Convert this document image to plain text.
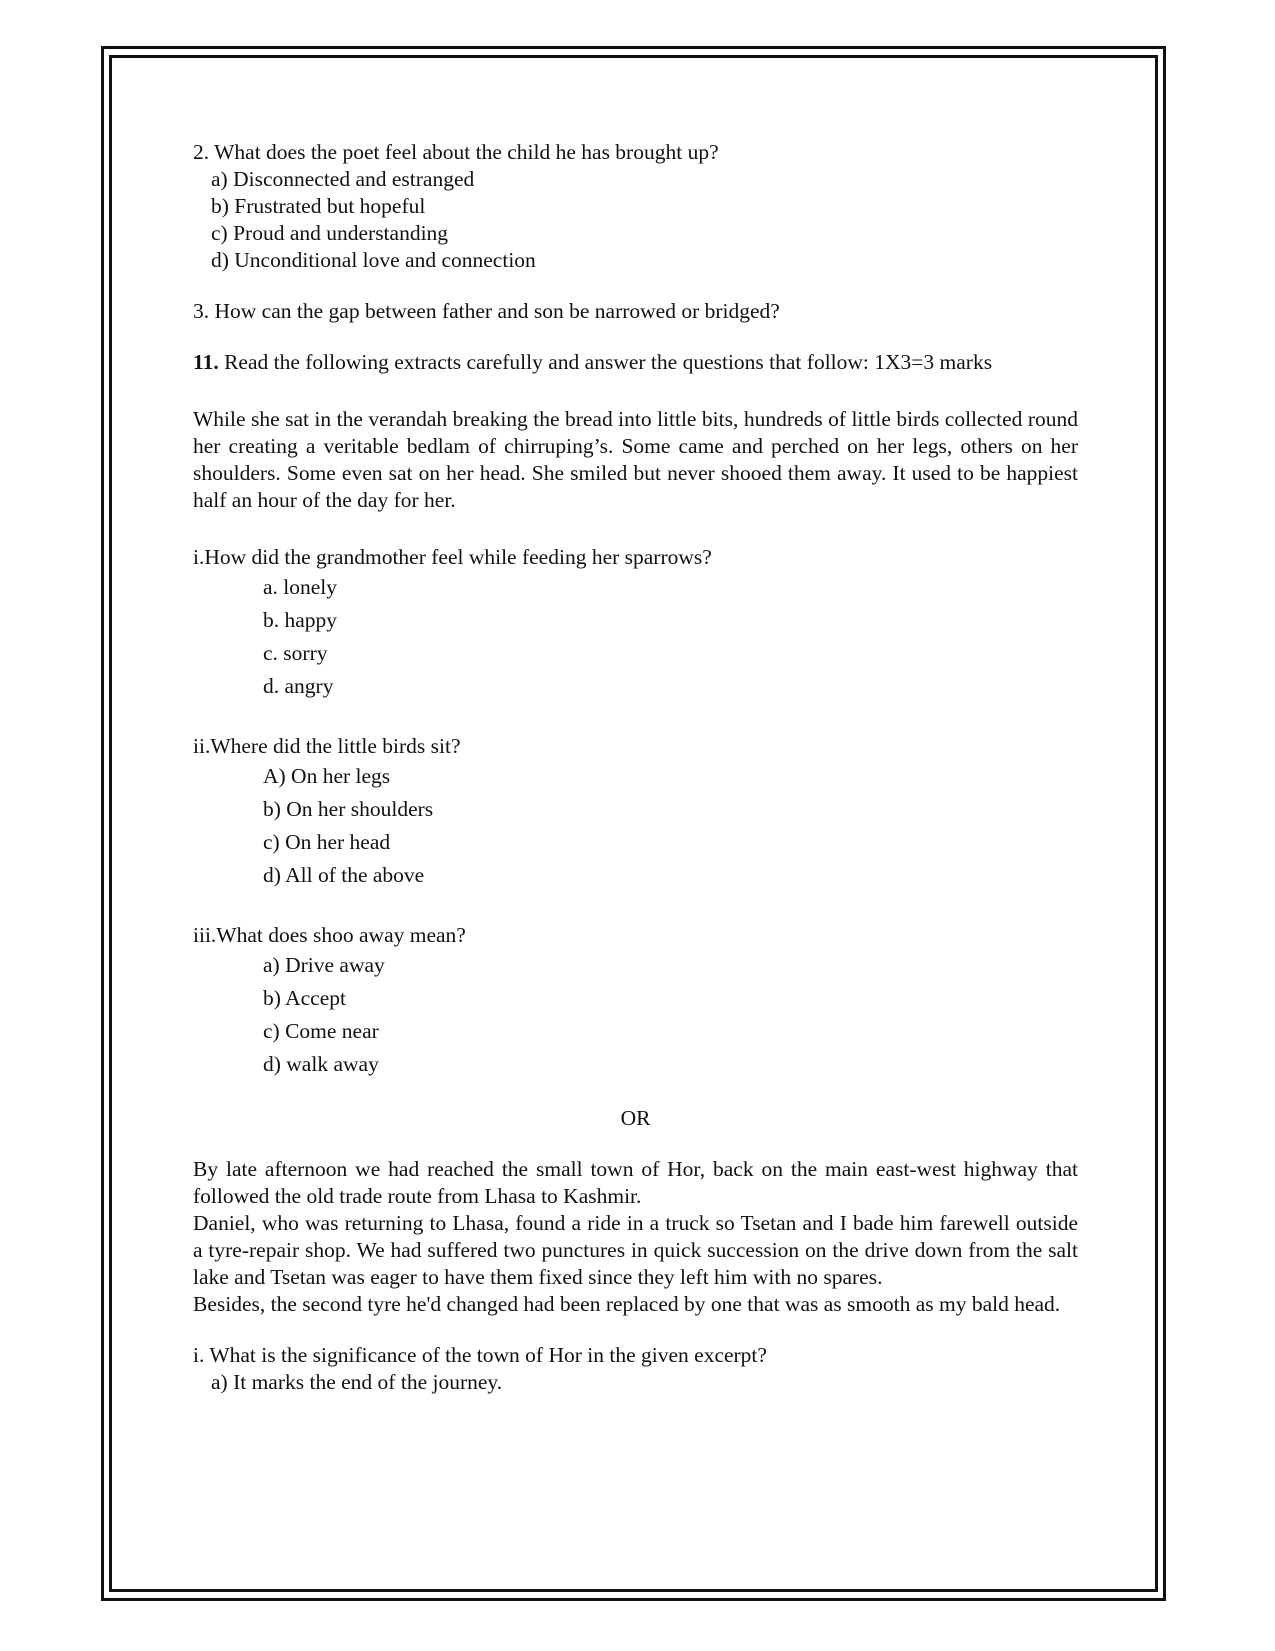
2. What does the poet feel about the child he has brought up?

a) Disconnected and estranged

b) Frustrated but hopeful

c) Proud and understanding

d) Unconditional love and connection

3. How can the gap between father and son be narrowed or bridged?

11. Read the following extracts carefully and answer the questions that follow: 1X3=3 marks

While she sat in the verandah breaking the bread into little bits, hundreds of little birds collected round her creating a veritable bedlam of chirruping’s. Some came and perched on her legs, others on her shoulders. Some even sat on her head. She smiled but never shooed them away. It used to be happiest half an hour of the day for her.

i.How did the grandmother feel while feeding her sparrows?

a. lonely

b. happy

c. sorry

d. angry

ii.Where did the little birds sit?

A) On her legs

b) On her shoulders

c) On her head

d) All of the above

iii.What does shoo away mean?

a) Drive away

b) Accept

c) Come near

d) walk away

OR

By late afternoon we had reached the small town of Hor, back on the main east-west highway that followed the old trade route from Lhasa to Kashmir.

Daniel, who was returning to Lhasa, found a ride in a truck so Tsetan and I bade him farewell outside a tyre-repair shop. We had suffered two punctures in quick succession on the drive down from the salt lake and Tsetan was eager to have them fixed since they left him with no spares.

Besides, the second tyre he'd changed had been replaced by one that was as smooth as my bald head.

i. What is the significance of the town of Hor in the given excerpt?

a) It marks the end of the journey.
